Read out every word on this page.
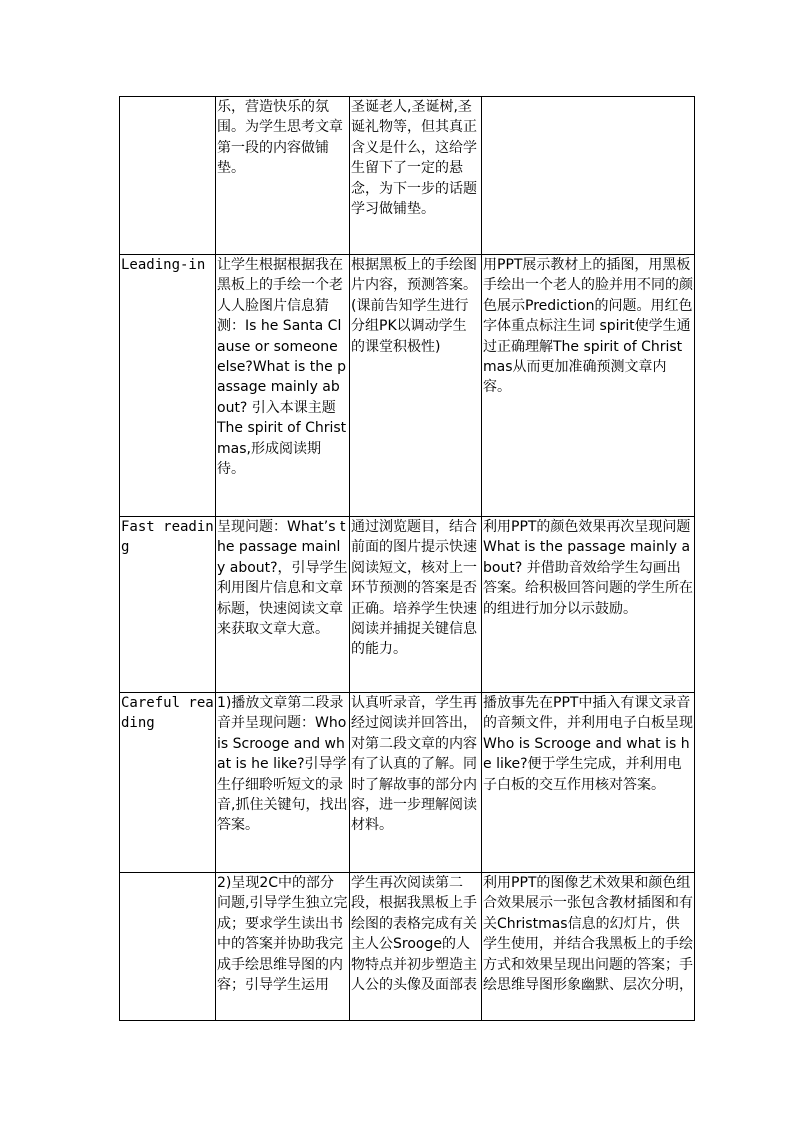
	乐，营造快乐的氛围。为学生思考文章第一段的内容做铺垫。	圣诞老人,圣诞树,圣诞礼物等，但其真正含义是什么，这给学生留下了一定的悬念，为下一步的话题学习做铺垫。	
Leading-in	让学生根据根据我在黑板上的手绘一个老人人脸图片信息猜测：Is he Santa Clause or someone else?What is the passage mainly about? 引入本课主题 The spirit of Christmas,形成阅读期待。	根据黑板上的手绘图片内容，预测答案。(课前告知学生进行分组PK以调动学生的课堂积极性)	用PPT展示教材上的插图，用黑板手绘出一个老人的脸并用不同的颜色展示Prediction的问题。用红色字体重点标注生词 spirit使学生通过正确理解The spirit of Christmas从而更加准确预测文章内容。
Fast reading	呈现问题：What’s the passage mainly about?，引导学生利用图片信息和文章标题，快速阅读文章来获取文章大意。	通过浏览题目，结合前面的图片提示快速阅读短文，核对上一环节预测的答案是否正确。培养学生快速阅读并捕捉关键信息的能力。	利用PPT的颜色效果再次呈现问题What is the passage mainly about? 并借助音效给学生勾画出答案。给积极回答问题的学生所在的组进行加分以示鼓励。
Careful reading	1)播放文章第二段录音并呈现问题：Who is Scrooge and what is he like?引导学生仔细聆听短文的录音,抓住关键句，找出答案。	认真听录音，学生再经过阅读并回答出， 对第二段文章的内容有了认真的了解。同时了解故事的部分内容，进一步理解阅读材料。	播放事先在PPT中插入有课文录音的音频文件，并利用电子白板呈现Who is Scrooge and what is he like?便于学生完成，并利用电子白板的交互作用核对答案。
	2)呈现2C中的部分问题,引导学生独立完成；要求学生读出书中的答案并协助我完成手绘思维导图的内容；引导学生运用	学生再次阅读第二段，根据我黑板上手绘图的表格完成有关主人公Srooge的人物特点并初步塑造主人公的头像及面部表	利用PPT的图像艺术效果和颜色组合效果展示一张包含教材插图和有关Christmas信息的幻灯片，供学生使用，并结合我黑板上的手绘方式和效果呈现出问题的答案；手绘思维导图形象幽默、层次分明，
